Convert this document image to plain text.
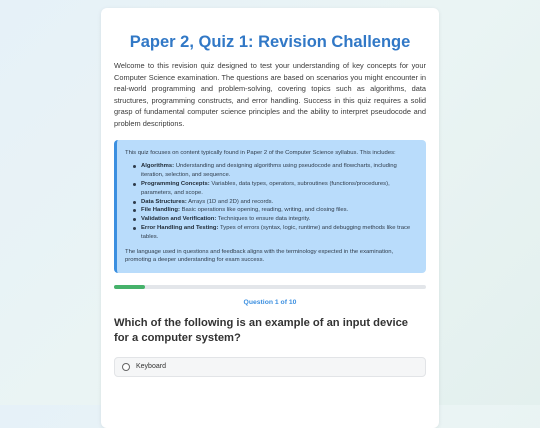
Paper 2, Quiz 1: Revision Challenge

Welcome to this revision quiz designed to test your understanding of key concepts for your Computer Science examination. The questions are based on scenarios you might encounter in real-world programming and problem-solving, covering topics such as algorithms, data structures, programming constructs, and error handling. Success in this quiz requires a solid grasp of fundamental computer science principles and the ability to interpret pseudocode and problem descriptions.

This quiz focuses on content typically found in Paper 2 of the Computer Science syllabus. This includes:

Algorithms: Understanding and designing algorithms using pseudocode and flowcharts, including iteration, selection, and sequence.
Programming Concepts: Variables, data types, operators, subroutines (functions/procedures), parameters, and scope.
Data Structures: Arrays (1D and 2D) and records.
File Handling: Basic operations like opening, reading, writing, and closing files.
Validation and Verification: Techniques to ensure data integrity.
Error Handling and Testing: Types of errors (syntax, logic, runtime) and debugging methods like trace tables.

The language used in questions and feedback aligns with the terminology expected in the examination, promoting a deeper understanding for exam success.

Question 1 of 10
Which of the following is an example of an input device for a computer system?
Keyboard
